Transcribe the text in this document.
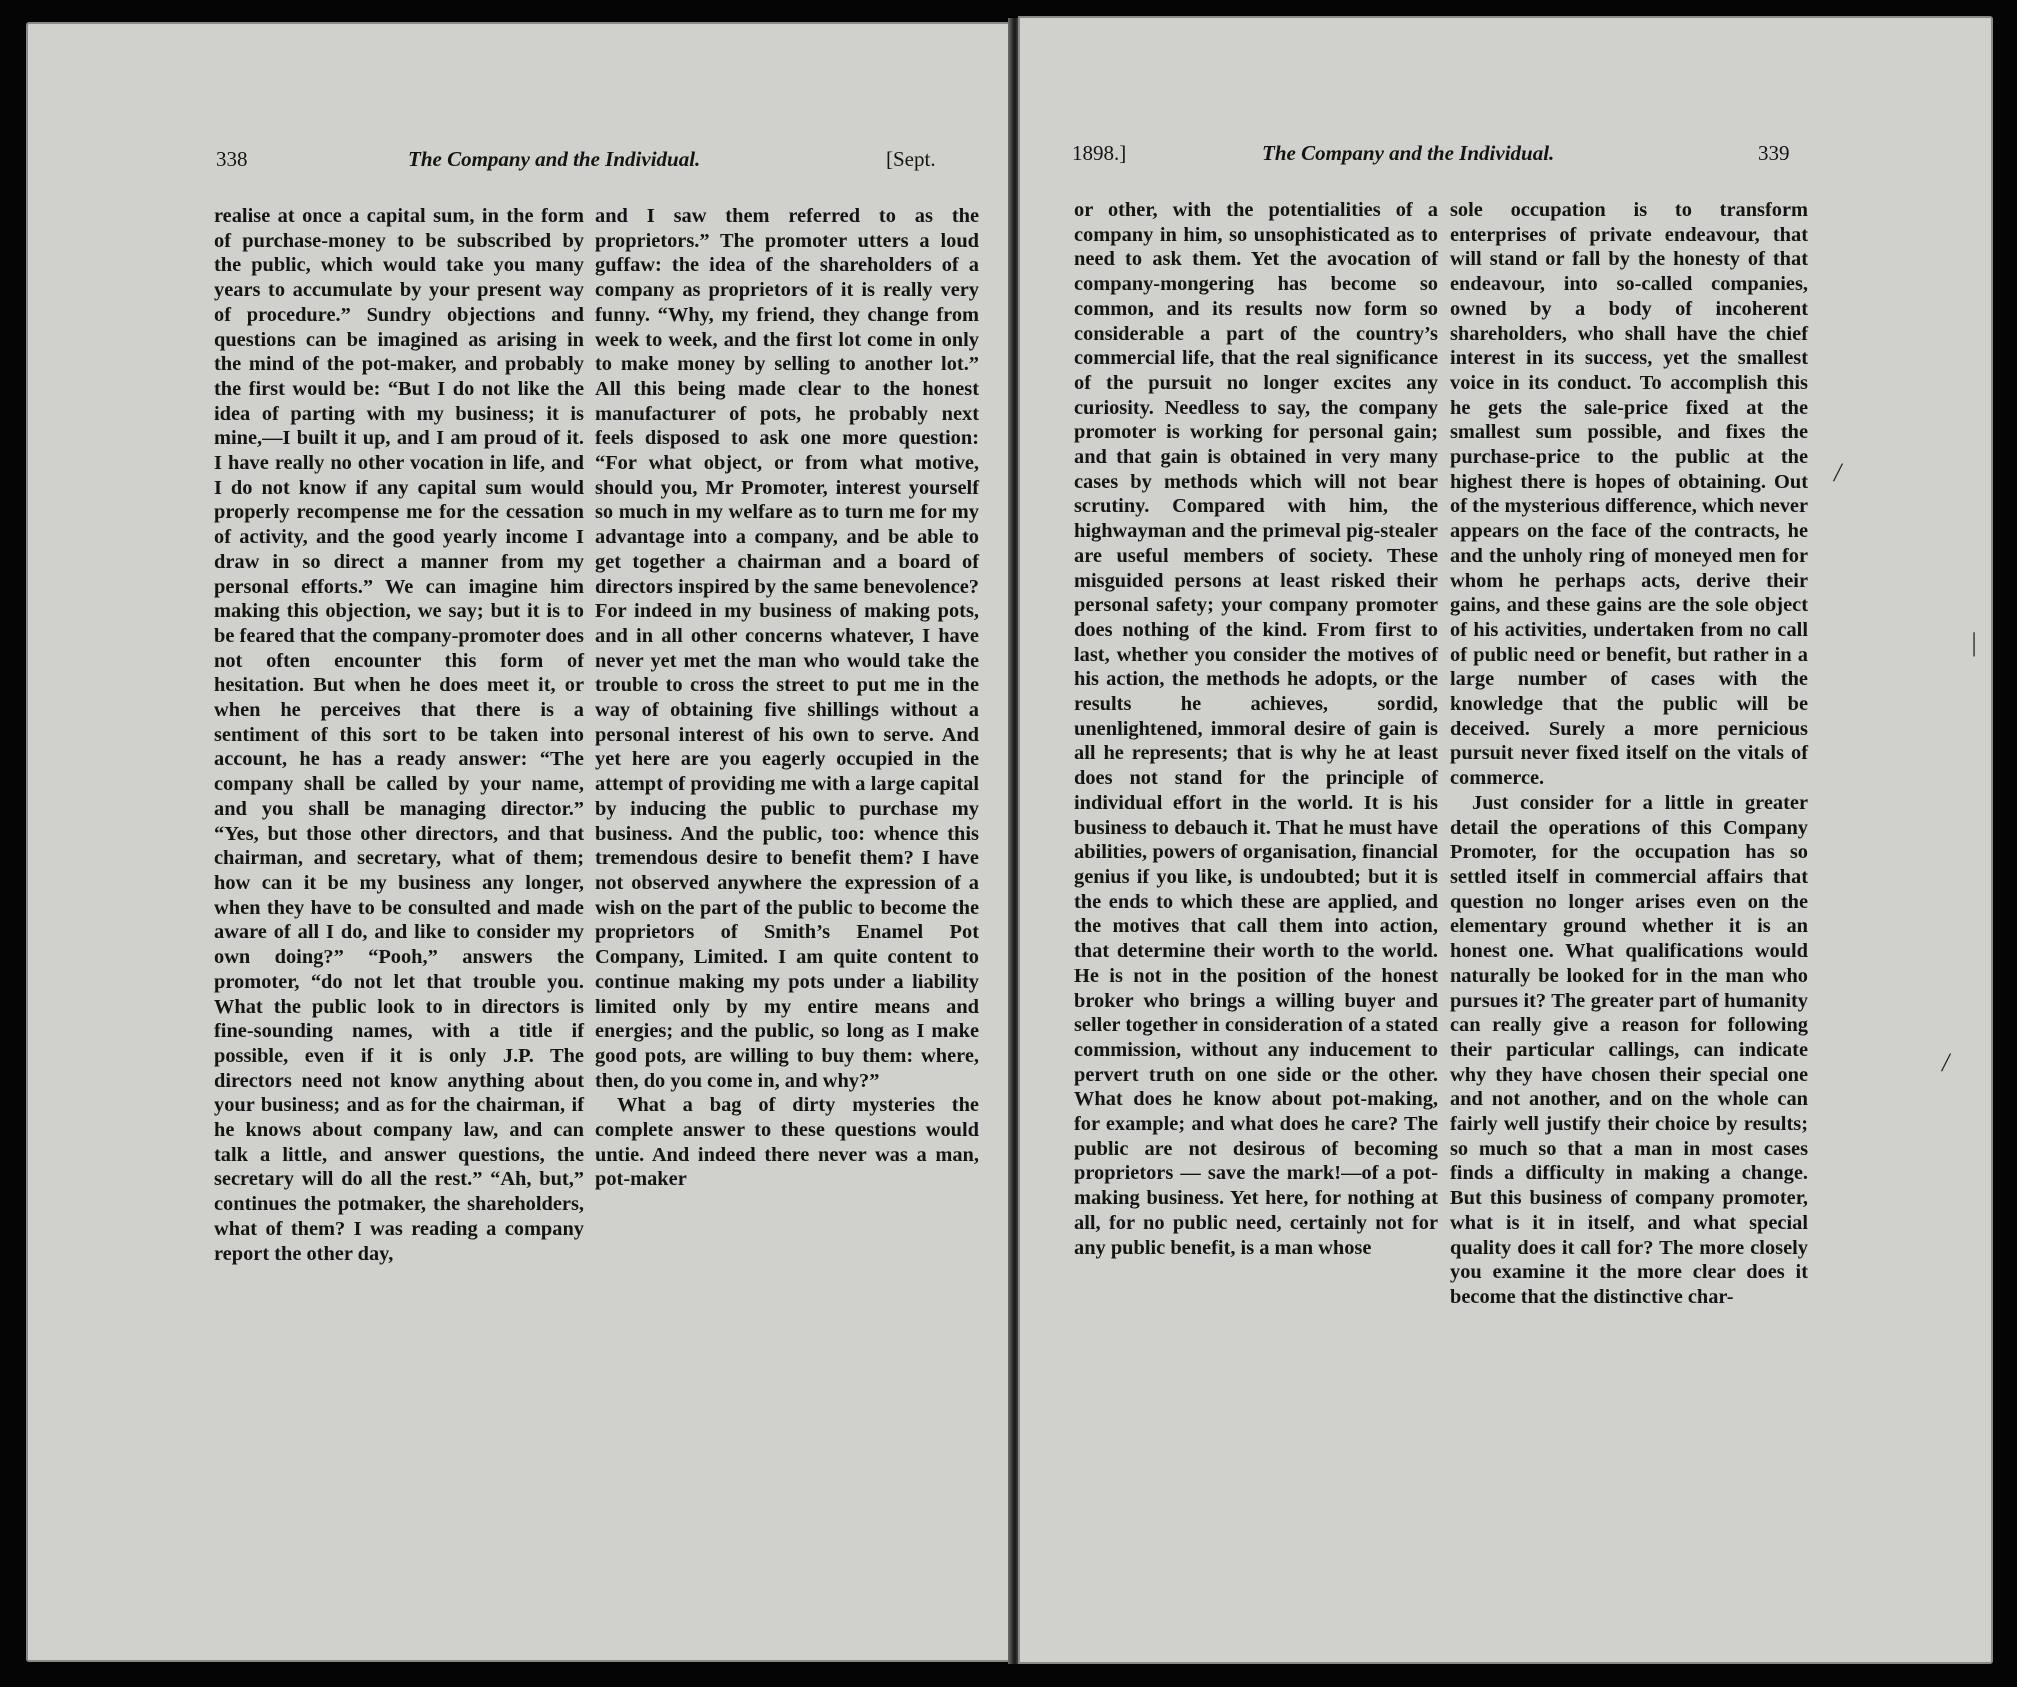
338	The Company and the Individual.	[Sept.

realise at once a capital sum, in the form of purchase-money to be subscribed by the public, which would take you many years to accumulate by your present way of procedure.” Sundry objections and questions can be imagined as arising in the mind of the pot-maker, and probably the first would be: “But I do not like the idea of parting with my business; it is mine,—I built it up, and I am proud of it. I have really no other vocation in life, and I do not know if any capital sum would properly recompense me for the cessation of activity, and the good yearly income I draw in so direct a manner from my personal efforts.” We can imagine him making this objection, we say; but it is to be feared that the company-promoter does not often encounter this form of hesitation. But when he does meet it, or when he perceives that there is a sentiment of this sort to be taken into account, he has a ready answer: “The company shall be called by your name, and you shall be managing director.” “Yes, but those other directors, and that chairman, and secretary, what of them; how can it be my business any longer, when they have to be consulted and made aware of all I do, and like to consider my own doing?” “Pooh,” answers the promoter, “do not let that trouble you. What the public look to in directors is fine-sounding names, with a title if possible, even if it is only J.P. The directors need not know anything about your business; and as for the chairman, if he knows about company law, and can talk a little, and answer questions, the secretary will do all the rest.” “Ah, but,” continues the potmaker, the shareholders, what of them? I was reading a company report the other day,

and I saw them referred to as the proprietors.” The promoter utters a loud guffaw: the idea of the shareholders of a company as proprietors of it is really very funny. “Why, my friend, they change from week to week, and the first lot come in only to make money by selling to another lot.” All this being made clear to the honest manufacturer of pots, he probably next feels disposed to ask one more question: “For what object, or from what motive, should you, Mr Promoter, interest yourself so much in my welfare as to turn me for my advantage into a company, and be able to get together a chairman and a board of directors inspired by the same benevolence? For indeed in my business of making pots, and in all other concerns whatever, I have never yet met the man who would take the trouble to cross the street to put me in the way of obtaining five shillings without a personal interest of his own to serve. And yet here are you eagerly occupied in the attempt of providing me with a large capital by inducing the public to purchase my business. And the public, too: whence this tremendous desire to benefit them? I have not observed anywhere the expression of a wish on the part of the public to become the proprietors of Smith’s Enamel Pot Company, Limited. I am quite content to continue making my pots under a liability limited only by my entire means and energies; and the public, so long as I make good pots, are willing to buy them: where, then, do you come in, and why?”

What a bag of dirty mysteries the complete answer to these questions would untie. And indeed there never was a man, pot-maker

1898.]	The Company and the Individual.	339

or other, with the potentialities of a company in him, so unsophisticated as to need to ask them. Yet the avocation of company-mongering has become so common, and its results now form so considerable a part of the country’s commercial life, that the real significance of the pursuit no longer excites any curiosity. Needless to say, the company promoter is working for personal gain; and that gain is obtained in very many cases by methods which will not bear scrutiny. Compared with him, the highwayman and the primeval pig-stealer are useful members of society. These misguided persons at least risked their personal safety; your company promoter does nothing of the kind. From first to last, whether you consider the motives of his action, the methods he adopts, or the results he achieves, sordid, unenlightened, immoral desire of gain is all he represents; that is why he at least does not stand for the principle of individual effort in the world. It is his business to debauch it. That he must have abilities, powers of organisation, financial genius if you like, is undoubted; but it is the ends to which these are applied, and the motives that call them into action, that determine their worth to the world. He is not in the position of the honest broker who brings a willing buyer and seller together in consideration of a stated commission, without any inducement to pervert truth on one side or the other. What does he know about pot-making, for example; and what does he care? The public are not desirous of becoming proprietors — save the mark!—of a pot-making business. Yet here, for nothing at all, for no public need, certainly not for any public benefit, is a man whose

sole occupation is to transform enterprises of private endeavour, that will stand or fall by the honesty of that endeavour, into so-called companies, owned by a body of incoherent shareholders, who shall have the chief interest in its success, yet the smallest voice in its conduct. To accomplish this he gets the sale-price fixed at the smallest sum possible, and fixes the purchase-price to the public at the highest there is hopes of obtaining. Out of the mysterious difference, which never appears on the face of the contracts, he and the unholy ring of moneyed men for whom he perhaps acts, derive their gains, and these gains are the sole object of his activities, undertaken from no call of public need or benefit, but rather in a large number of cases with the knowledge that the public will be deceived. Surely a more pernicious pursuit never fixed itself on the vitals of commerce.

Just consider for a little in greater detail the operations of this Company Promoter, for the occupation has so settled itself in commercial affairs that question no longer arises even on the elementary ground whether it is an honest one. What qualifications would naturally be looked for in the man who pursues it? The greater part of humanity can really give a reason for following their particular callings, can indicate why they have chosen their special one and not another, and on the whole can fairly well justify their choice by results; so much so that a man in most cases finds a difficulty in making a change. But this business of company promoter, what is it in itself, and what special quality does it call for? The more closely you examine it the more clear does it become that the distinctive char-

/
|
/
